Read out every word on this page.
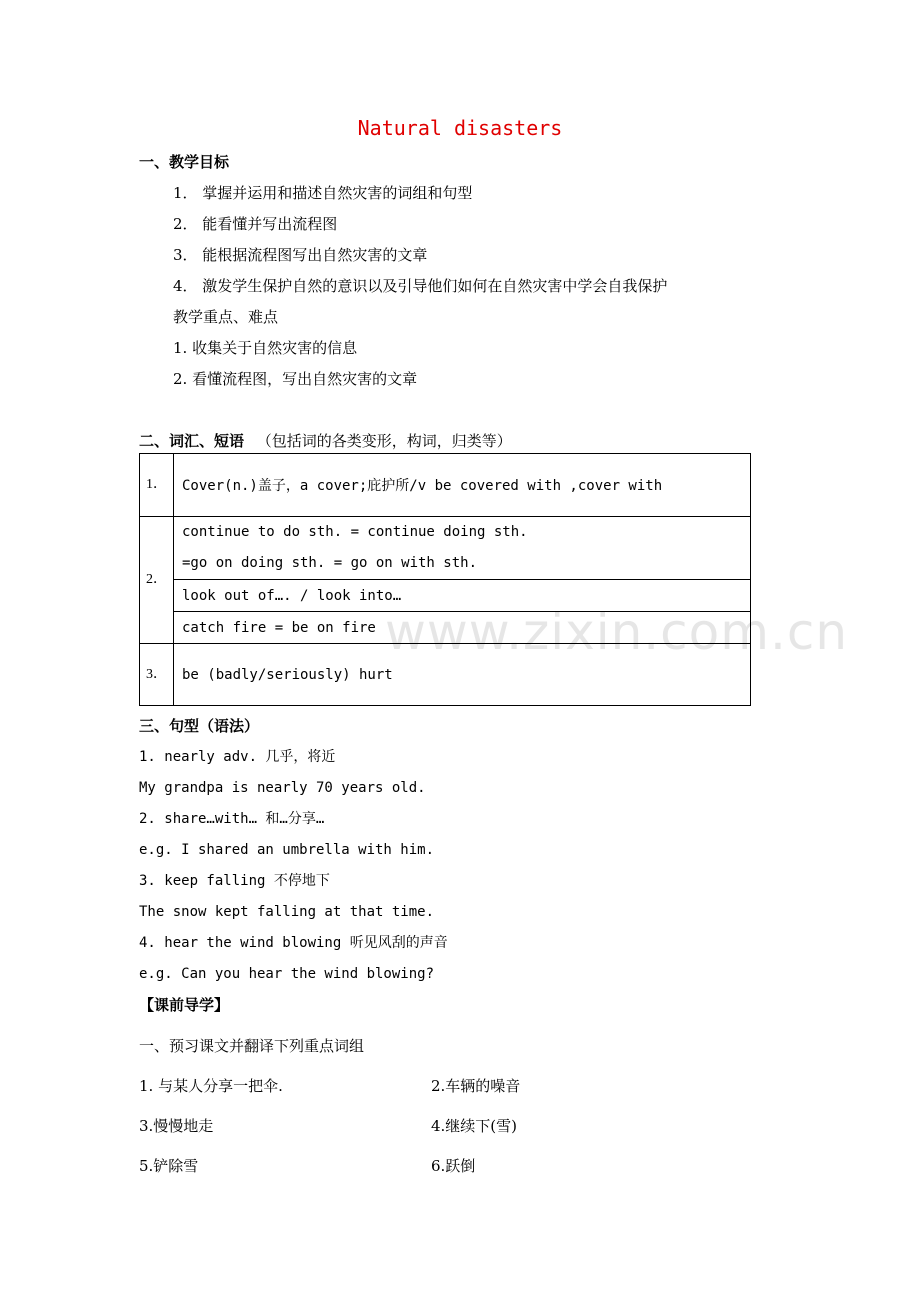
www.zixin.com.cn
Natural disasters
一、教学目标
1． 掌握并运用和描述自然灾害的词组和句型
2． 能看懂并写出流程图
3． 能根据流程图写出自然灾害的文章
4． 激发学生保护自然的意识以及引导他们如何在自然灾害中学会自我保护
教学重点、难点
1. 收集关于自然灾害的信息
2. 看懂流程图，写出自然灾害的文章
二、词汇、短语 （包括词的各类变形，构词，归类等）
1．	Cover(n.)盖子，a cover;庇护所/v be covered with ,cover with
2．	continue to do sth. = continue doing sth.
=go on doing sth. = go on with sth.

	look out of…. / look into…
	catch fire = be on fire
3．	be (badly/seriously) hurt
三、句型（语法）
1. nearly adv. 几乎，将近
My grandpa is nearly 70 years old.
2. share…with… 和…分享…
e.g. I shared an umbrella with him.
3. keep falling 不停地下
The snow kept falling at that time.
4. hear the wind blowing 听见风刮的声音
e.g. Can you hear the wind blowing?
【课前导学】
一、预习课文并翻译下列重点词组
1. 与某人分享一把伞.	2.车辆的噪音
3.慢慢地走	4.继续下(雪)
5.铲除雪	6.跃倒
